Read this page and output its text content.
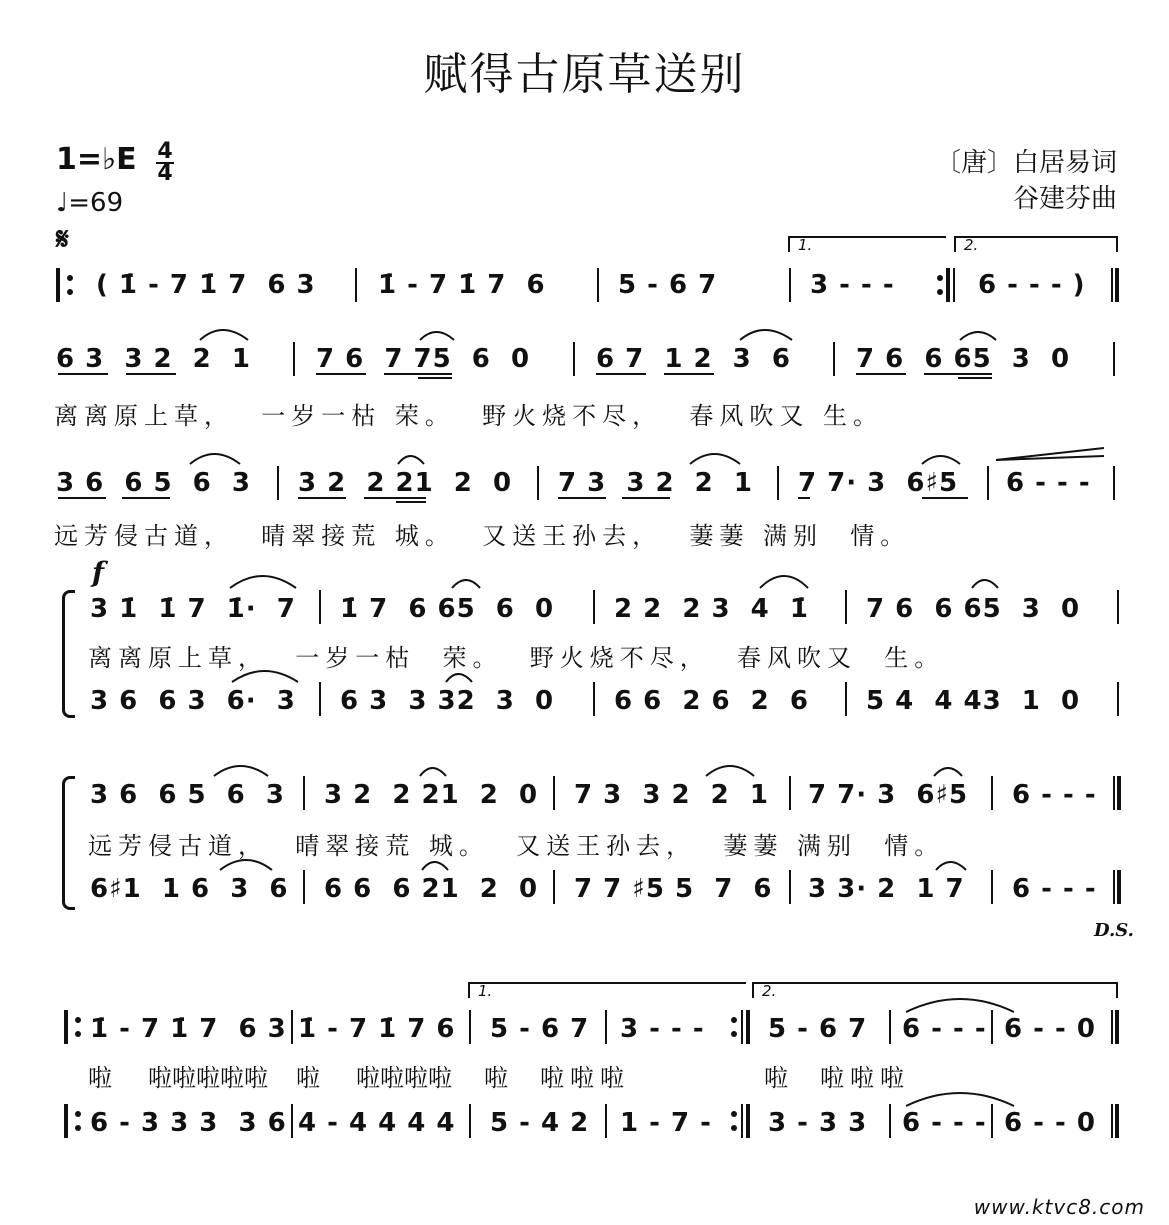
赋得古原草送别
1=♭E 4
4
♩=69
〔唐〕白居易词
谷建芬曲
𝄋
( 1̇ - 7 1̇ 7  6 3 1̇ - 7 1̇ 7  6	5 - 6 7	3 - - -	6 - - - )
1.	2.
6 3  3 2  2  1	7 6  7 75  6  0	6 7  1 2  3  6	7 6  6 65  3  0
离离原上草，  一岁一枯 荣。  野火烧不尽，  春风吹又 生。
3 6  6 5  6  3 3 2  2 21  2  0 7 3  3 2  2  1 7 7· 3  6♯5 6 - - -
远芳侵古道，  晴翠接荒 城。  又送王孙去，  萋萋 满别  情。
f
3 1̇  1̇ 7  1̇·  7 1̇ 7  6 65  6  0 2 2  2 3  4  1̇ 7 6  6 65  3  0
离离原上草，  一岁一枯  荣。  野火烧不尽，  春风吹又  生。
3 6  6 3  6·  3 6 3  3 32  3  0 6 6  2 6  2  6 5 4  4 43  1  0
3 6  6 5  6  3 3 2  2 21  2  0 7 3  3 2  2  1 7 7· 3  6♯5 6 - - -
远芳侵古道，  晴翠接荒 城。  又送王孙去，  萋萋 满别  情。
6♯1  1 6  3  6 6 6  6 21  2  0 7 7 ♯5 5  7  6 3 3· 2  1 7 6 - - -
D.S.
1.	2.
1̇ - 7 1̇ 7  6 3 1̇ - 7 1̇ 7 6 5 - 6 7 3 - - - 5 - 6 7 6 - - - 6 - - 0
啦 啦啦啦啦啦 啦 啦啦啦啦 啦 啦啦啦	啦 啦啦啦
6 - 3 3 3  3 6 4 - 4 4 4 4 5 - 4 2 1 - 7 - 3 - 3 3 6 - - - 6 - - 0
www.ktvc8.com
